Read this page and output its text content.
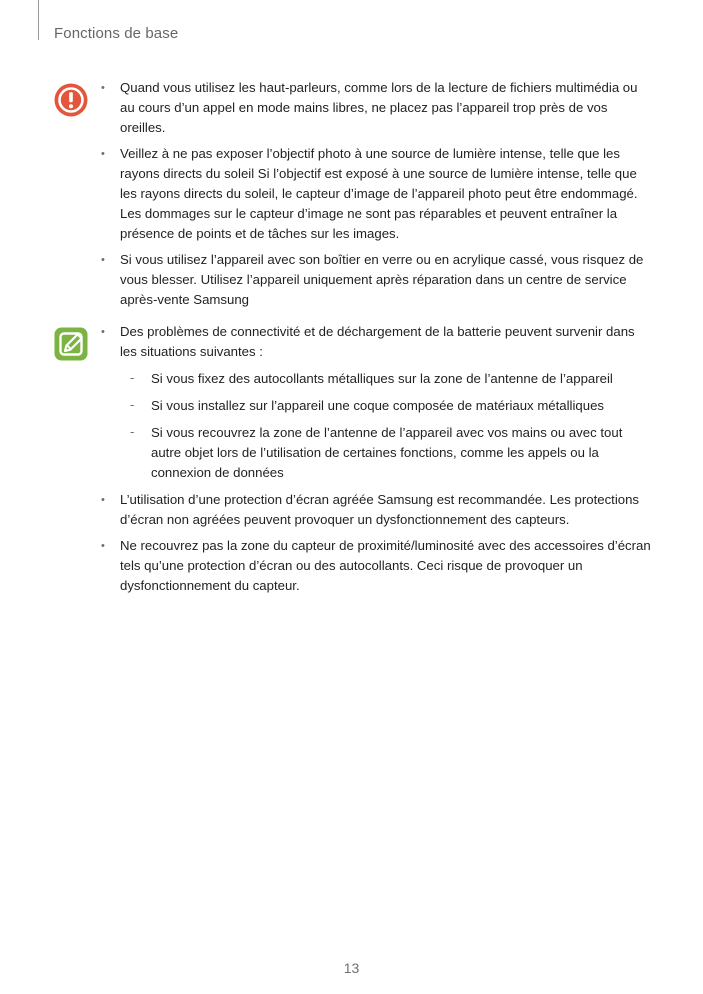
Fonctions de base
• Quand vous utilisez les haut-parleurs, comme lors de la lecture de fichiers multimédia ou au cours d’un appel en mode mains libres, ne placez pas l’appareil trop près de vos oreilles.
• Veillez à ne pas exposer l’objectif photo à une source de lumière intense, telle que les rayons directs du soleil Si l’objectif est exposé à une source de lumière intense, telle que les rayons directs du soleil, le capteur d’image de l’appareil photo peut être endommagé. Les dommages sur le capteur d’image ne sont pas réparables et peuvent entraîner la présence de points et de tâches sur les images.
• Si vous utilisez l’appareil avec son boîtier en verre ou en acrylique cassé, vous risquez de vous blesser. Utilisez l’appareil uniquement après réparation dans un centre de service après-vente Samsung
• Des problèmes de connectivité et de déchargement de la batterie peuvent survenir dans les situations suivantes :
- Si vous fixez des autocollants métalliques sur la zone de l’antenne de l’appareil
- Si vous installez sur l’appareil une coque composée de matériaux métalliques
- Si vous recouvrez la zone de l’antenne de l’appareil avec vos mains ou avec tout autre objet lors de l’utilisation de certaines fonctions, comme les appels ou la connexion de données
• L’utilisation d’une protection d’écran agréée Samsung est recommandée. Les protections d’écran non agréées peuvent provoquer un dysfonctionnement des capteurs.
• Ne recouvrez pas la zone du capteur de proximité/luminosité avec des accessoires d’écran tels qu’une protection d’écran ou des autocollants. Ceci risque de provoquer un dysfonctionnement du capteur.
13
